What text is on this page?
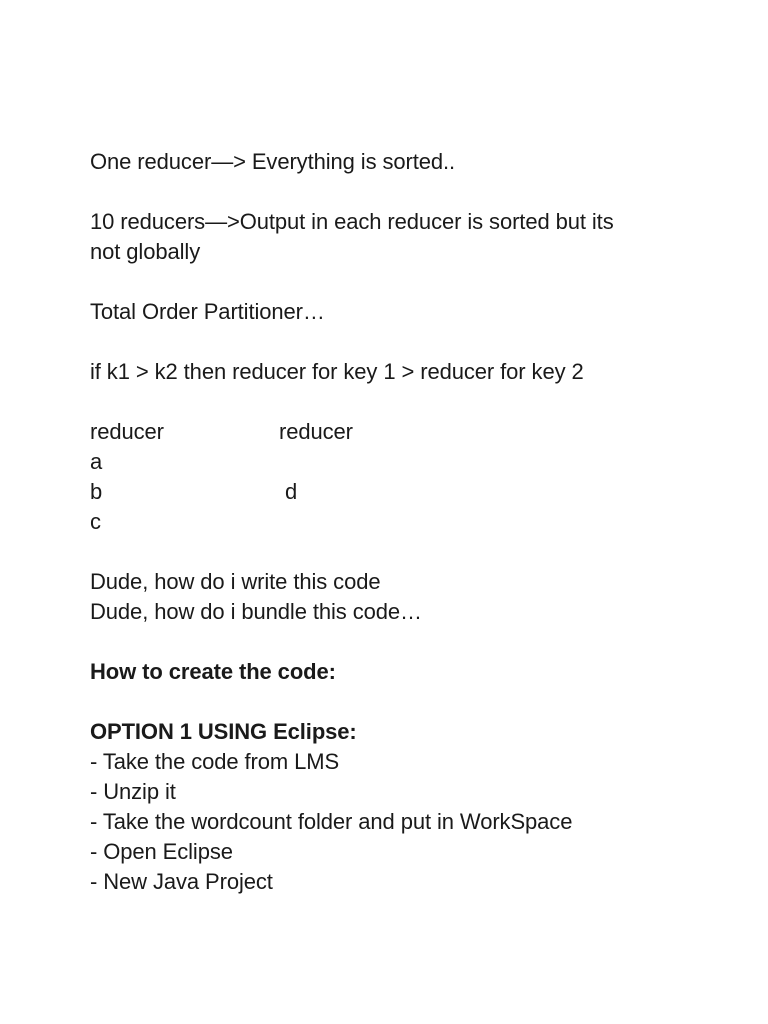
One reducer—> Everything is sorted..
10 reducers—>Output in each reducer is sorted but its
not globally
Total Order Partitioner…
if k1 > k2 then reducer for key 1 > reducer for key 2
reducer	reducer
a
b	d
c
Dude, how do i write this code
Dude, how do i bundle this code…
How to create the code:
OPTION 1 USING Eclipse:
- Take the code from LMS
- Unzip it
- Take the wordcount folder and put in WorkSpace
- Open Eclipse
- New Java Project
